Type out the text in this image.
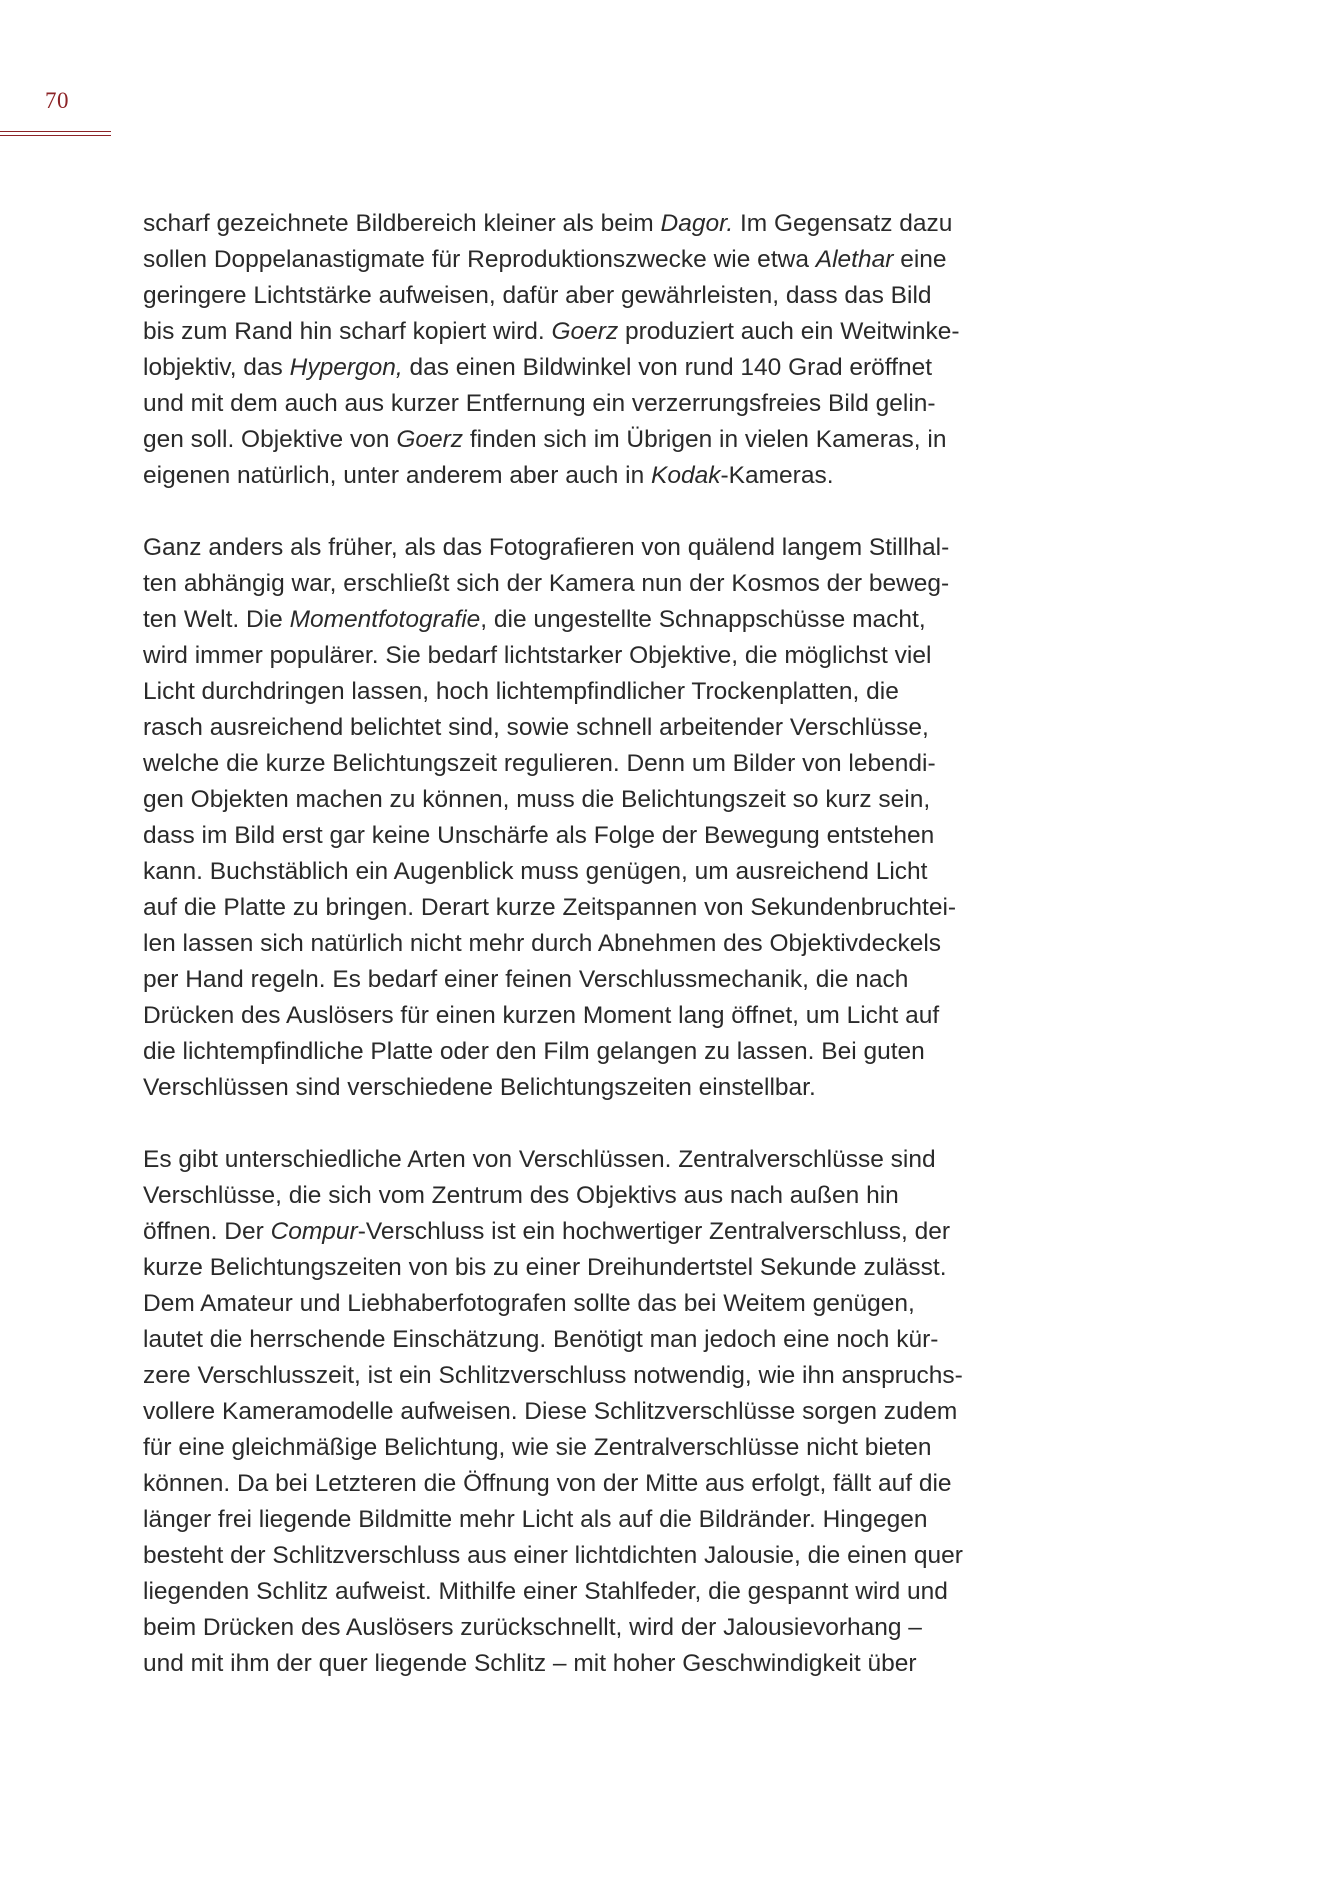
70
scharf gezeichnete Bildbereich kleiner als beim Dagor. Im Gegensatz dazu
sollen Doppelanastigmate für Reproduktionszwecke wie etwa Alethar eine
geringere Lichtstärke aufweisen, dafür aber gewährleisten, dass das Bild
bis zum Rand hin scharf kopiert wird. Goerz produziert auch ein Weitwinke-
lobjektiv, das Hypergon, das einen Bildwinkel von rund 140 Grad eröffnet
und mit dem auch aus kurzer Entfernung ein verzerrungsfreies Bild gelin-
gen soll. Objektive von Goerz finden sich im Übrigen in vielen Kameras, in
eigenen natürlich, unter anderem aber auch in Kodak-Kameras.
Ganz anders als früher, als das Fotografieren von quälend langem Stillhal-
ten abhängig war, erschließt sich der Kamera nun der Kosmos der beweg-
ten Welt. Die Momentfotografie, die ungestellte Schnappschüsse macht,
wird immer populärer. Sie bedarf lichtstarker Objektive, die möglichst viel
Licht durchdringen lassen, hoch lichtempfindlicher Trockenplatten, die
rasch ausreichend belichtet sind, sowie schnell arbeitender Verschlüsse,
welche die kurze Belichtungszeit regulieren. Denn um Bilder von lebendi-
gen Objekten machen zu können, muss die Belichtungszeit so kurz sein,
dass im Bild erst gar keine Unschärfe als Folge der Bewegung entstehen
kann. Buchstäblich ein Augenblick muss genügen, um ausreichend Licht
auf die Platte zu bringen. Derart kurze Zeitspannen von Sekundenbruchtei-
len lassen sich natürlich nicht mehr durch Abnehmen des Objektivdeckels
per Hand regeln. Es bedarf einer feinen Verschlussmechanik, die nach
Drücken des Auslösers für einen kurzen Moment lang öffnet, um Licht auf
die lichtempfindliche Platte oder den Film gelangen zu lassen. Bei guten
Verschlüssen sind verschiedene Belichtungszeiten einstellbar.
Es gibt unterschiedliche Arten von Verschlüssen. Zentralverschlüsse sind
Verschlüsse, die sich vom Zentrum des Objektivs aus nach außen hin
öffnen. Der Compur-Verschluss ist ein hochwertiger Zentralverschluss, der
kurze Belichtungszeiten von bis zu einer Dreihundertstel Sekunde zulässt.
Dem Amateur und Liebhaberfotografen sollte das bei Weitem genügen,
lautet die herrschende Einschätzung. Benötigt man jedoch eine noch kür-
zere Verschlusszeit, ist ein Schlitzverschluss notwendig, wie ihn anspruchs-
vollere Kameramodelle aufweisen. Diese Schlitzverschlüsse sorgen zudem
für eine gleichmäßige Belichtung, wie sie Zentralverschlüsse nicht bieten
können. Da bei Letzteren die Öffnung von der Mitte aus erfolgt, fällt auf die
länger frei liegende Bildmitte mehr Licht als auf die Bildränder. Hingegen
besteht der Schlitzverschluss aus einer lichtdichten Jalousie, die einen quer
liegenden Schlitz aufweist. Mithilfe einer Stahlfeder, die gespannt wird und
beim Drücken des Auslösers zurückschnellt, wird der Jalousievorhang –
und mit ihm der quer liegende Schlitz – mit hoher Geschwindigkeit über
